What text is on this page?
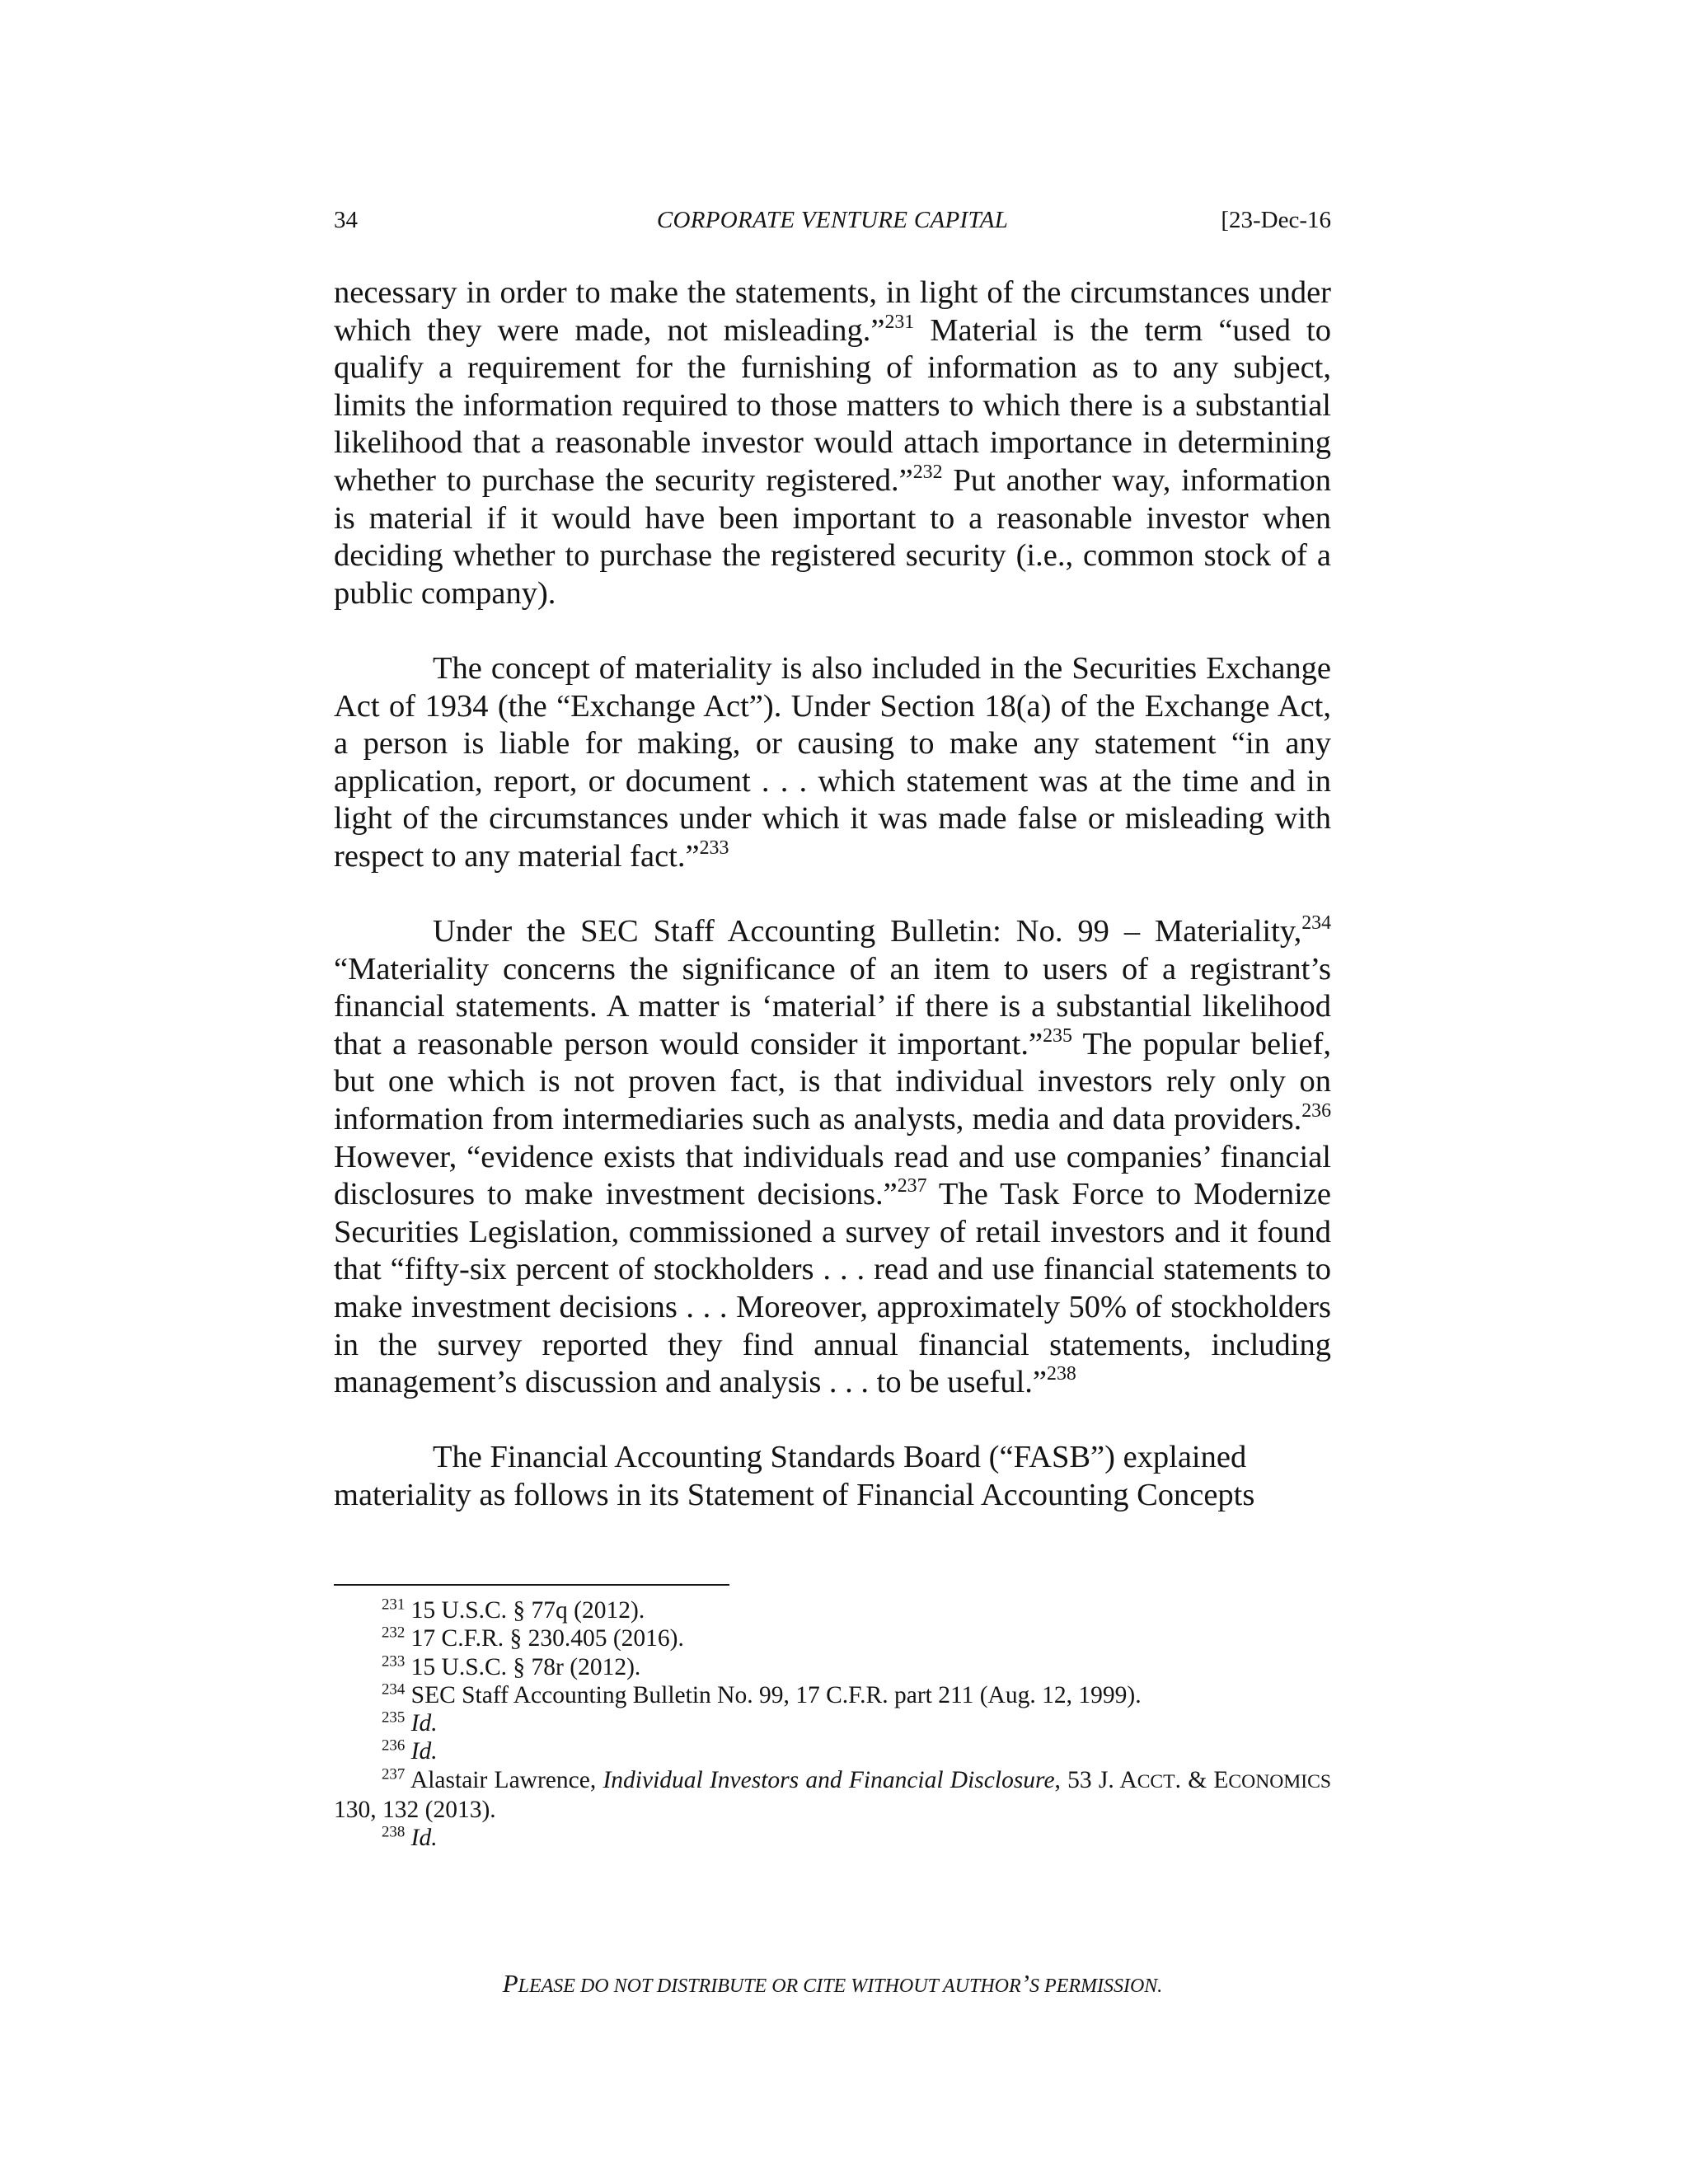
34	CORPORATE VENTURE CAPITAL	[23-Dec-16

necessary in order to make the statements, in light of the circumstances under which they were made, not misleading.”$^{231}$ Material is the term “used to qualify a requirement for the furnishing of information as to any subject, limits the information required to those matters to which there is a substantial likelihood that a reasonable investor would attach importance in determining whether to purchase the security registered.”$^{232}$ Put another way, information is material if it would have been important to a reasonable investor when deciding whether to purchase the registered security (i.e., common stock of a public company).

The concept of materiality is also included in the Securities Exchange Act of 1934 (the “Exchange Act”). Under Section 18(a) of the Exchange Act, a person is liable for making, or causing to make any statement “in any application, report, or document . . . which statement was at the time and in light of the circumstances under which it was made false or misleading with respect to any material fact.”$^{233}$

Under the SEC Staff Accounting Bulletin: No. 99 – Materiality,$^{234}$ “Materiality concerns the significance of an item to users of a registrant’s financial statements. A matter is ‘material’ if there is a substantial likelihood that a reasonable person would consider it important.”$^{235}$ The popular belief, but one which is not proven fact, is that individual investors rely only on information from intermediaries such as analysts, media and data providers.$^{236}$ However, “evidence exists that individuals read and use companies’ financial disclosures to make investment decisions.”$^{237}$ The Task Force to Modernize Securities Legislation, commissioned a survey of retail investors and it found that “fifty-six percent of stockholders . . . read and use financial statements to make investment decisions . . . Moreover, approximately 50% of stockholders in the survey reported they find annual financial statements, including management’s discussion and analysis . . . to be useful.”$^{238}$

The Financial Accounting Standards Board (“FASB”) explained
materiality as follows in its Statement of Financial Accounting Concepts

$^{231}$ 15 U.S.C. § 77q (2012).

$^{232}$ 17 C.F.R. § 230.405 (2016).

$^{233}$ 15 U.S.C. § 78r (2012).

$^{234}$ SEC Staff Accounting Bulletin No. 99, 17 C.F.R. part 211 (Aug. 12, 1999).

$^{235}$ Id.

$^{236}$ Id.

$^{237}$ Alastair Lawrence, Individual Investors and Financial Disclosure, 53 J. ACCT. & ECONOMICS 130, 132 (2013).

$^{238}$ Id.

PLEASE DO NOT DISTRIBUTE OR CITE WITHOUT AUTHOR’S PERMISSION.
